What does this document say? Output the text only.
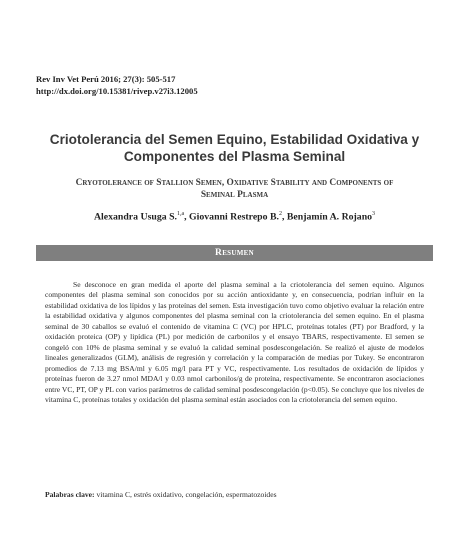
Rev Inv Vet Perú 2016; 27(3): 505-517
http://dx.doi.org/10.15381/rivep.v27i3.12005
Criotolerancia del Semen Equino, Estabilidad Oxidativa y Componentes del Plasma Seminal
Cryotolerance of Stallion Semen, Oxidative Stability and Components of Seminal Plasma
Alexandra Usuga S.$^{1,a}$, Giovanni Restrepo B.$^2$, Benjamín A. Rojano$^3$
Resumen

Se desconoce en gran medida el aporte del plasma seminal a la criotolerancia del semen equino. Algunos componentes del plasma seminal son conocidos por su acción antioxidante y, en consecuencia, podrían influir en la estabilidad oxidativa de los lípidos y las proteínas del semen. Esta investigación tuvo como objetivo evaluar la relación entre la estabilidad oxidativa y algunos componentes del plasma seminal con la criotolerancia del semen equino. En el plasma seminal de 30 caballos se evaluó el contenido de vitamina C (VC) por HPLC, proteínas totales (PT) por Bradford, y la oxidación proteica (OP) y lipídica (PL) por medición de carbonilos y el ensayo TBARS, respectivamente. El semen se congeló con 10% de plasma seminal y se evaluó la calidad seminal posdescongelación. Se realizó el ajuste de modelos lineales generalizados (GLM), análisis de regresión y correlación y la comparación de medias por Tukey. Se encontraron promedios de 7.13 mg BSA/ml y 6.05 mg/l para PT y VC, respectivamente. Los resultados de oxidación de lípidos y proteínas fueron de 3.27 nmol MDA/l y 0.03 nmol carbonilos/g de proteína, respectivamente. Se encontraron asociaciones entre VC, PT, OP y PL con varios parámetros de calidad seminal posdescongelación (p<0.05). Se concluye que los niveles de vitamina C, proteínas totales y oxidación del plasma seminal están asociados con la criotolerancia del semen equino.

Palabras clave: vitamina C, estrés oxidativo, congelación, espermatozoides
